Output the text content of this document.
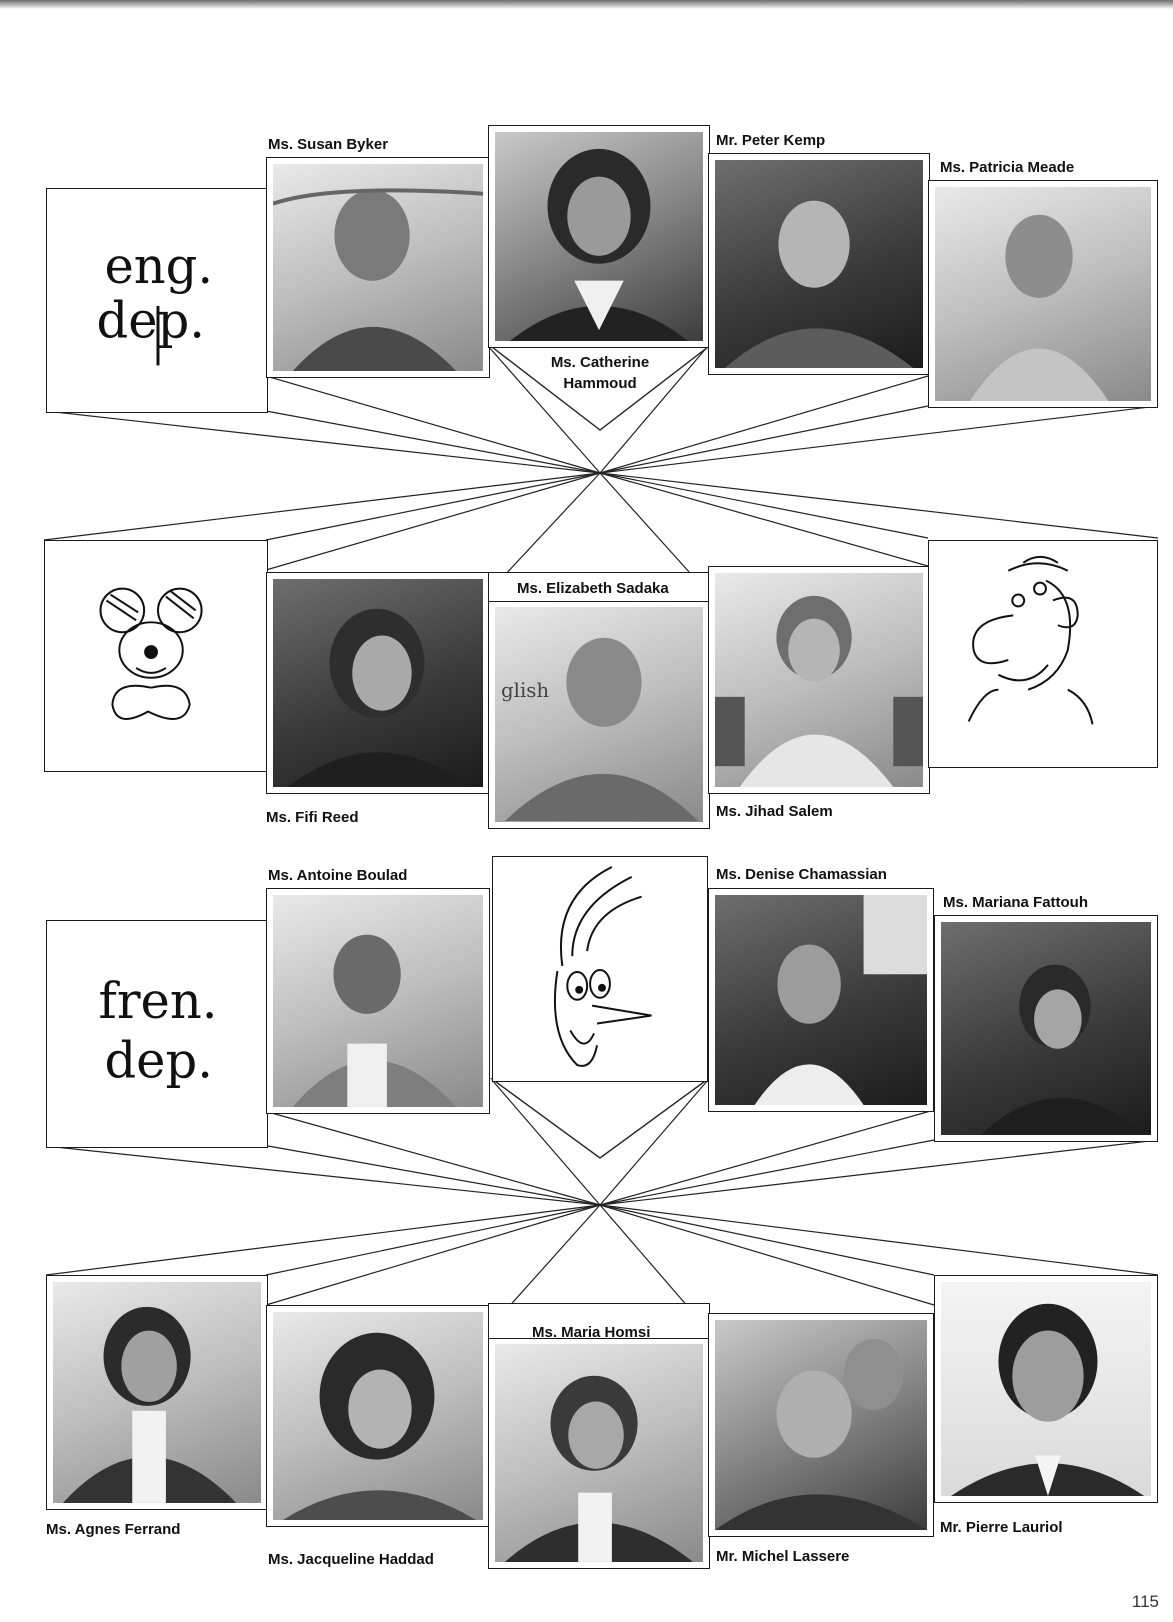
eng.
dep.
Ms. Susan Byker
Ms. Catherine Hammoud
Mr. Peter Kemp
Ms. Patricia Meade
Ms. Fifi Reed
glish
Ms. Elizabeth Sadaka
Ms. Jihad Salem
fren.
dep.
Ms. Antoine Boulad	Ms. Denise Chamassian
Ms. Mariana Fattouh
Ms. Agnes Ferrand
Ms. Jacqueline Haddad
Ms. Maria Homsi
Mr. Michel Lassere
Mr. Pierre Lauriol
115
